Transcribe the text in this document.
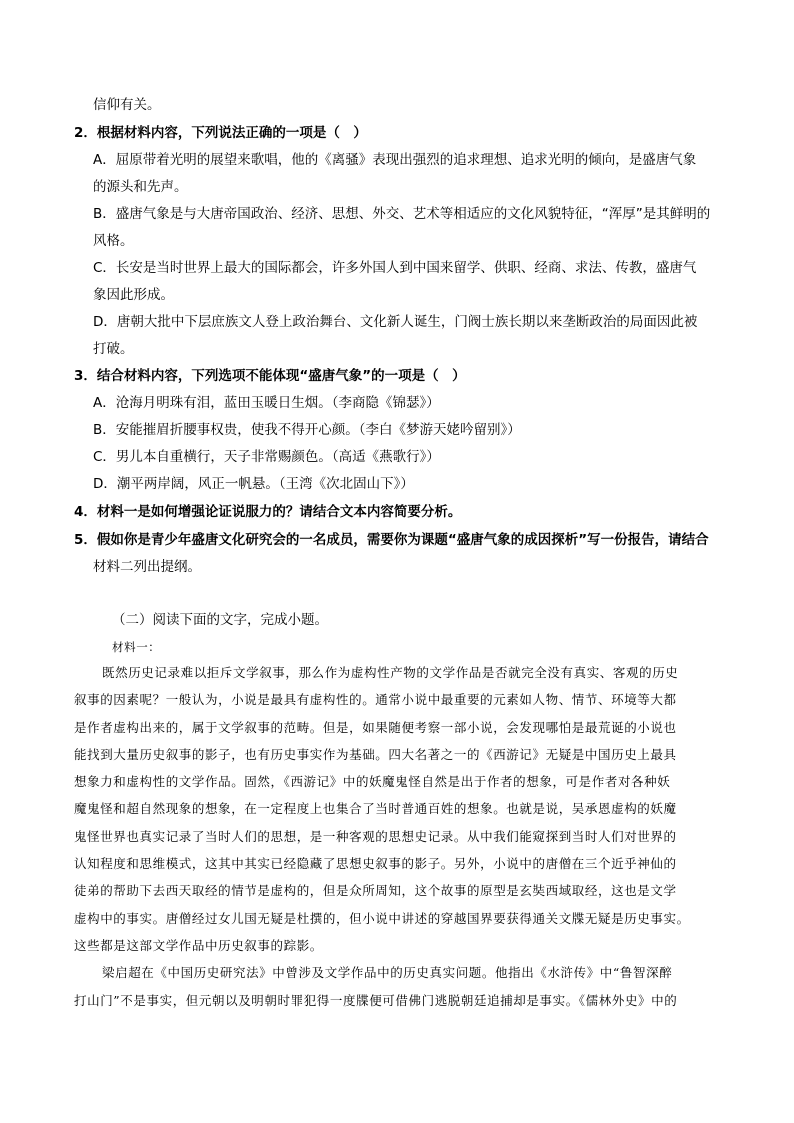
信仰有关。
2．根据材料内容，下列说法正确的一项是（　）
A．屈原带着光明的展望来歌唱，他的《离骚》表现出强烈的追求理想、追求光明的倾向，是盛唐气象
的源头和先声。
B．盛唐气象是与大唐帝国政治、经济、思想、外交、艺术等相适应的文化风貌特征，“浑厚”是其鲜明的
风格。
C．长安是当时世界上最大的国际都会，许多外国人到中国来留学、供职、经商、求法、传教，盛唐气
象因此形成。
D．唐朝大批中下层庶族文人登上政治舞台、文化新人诞生，门阀士族长期以来垄断政治的局面因此被
打破。
3．结合材料内容，下列选项不能体现“盛唐气象”的一项是（　）
A．沧海月明珠有泪，蓝田玉暖日生烟。（李商隐《锦瑟》）
B．安能摧眉折腰事权贵，使我不得开心颜。（李白《梦游天姥吟留别》）
C．男儿本自重横行，天子非常赐颜色。（高适《燕歌行》）
D．潮平两岸阔，风正一帆悬。（王湾《次北固山下》）
4．材料一是如何增强论证说服力的？请结合文本内容简要分析。
5．假如你是青少年盛唐文化研究会的一名成员，需要你为课题“盛唐气象的成因探析”写一份报告，请结合
材料二列出提纲。
（二）阅读下面的文字，完成小题。
材料一：
既然历史记录难以拒斥文学叙事，那么作为虚构性产物的文学作品是否就完全没有真实、客观的历史
叙事的因素呢？一般认为，小说是最具有虚构性的。通常小说中最重要的元素如人物、情节、环境等大都
是作者虚构出来的，属于文学叙事的范畴。但是，如果随便考察一部小说，会发现哪怕是最荒诞的小说也
能找到大量历史叙事的影子，也有历史事实作为基础。四大名著之一的《西游记》无疑是中国历史上最具
想象力和虚构性的文学作品。固然，《西游记》中的妖魔鬼怪自然是出于作者的想象，可是作者对各种妖
魔鬼怪和超自然现象的想象，在一定程度上也集合了当时普通百姓的想象。也就是说，吴承恩虚构的妖魔
鬼怪世界也真实记录了当时人们的思想，是一种客观的思想史记录。从中我们能窥探到当时人们对世界的
认知程度和思维模式，这其中其实已经隐藏了思想史叙事的影子。另外，小说中的唐僧在三个近乎神仙的
徒弟的帮助下去西天取经的情节是虚构的，但是众所周知，这个故事的原型是玄奘西域取经，这也是文学
虚构中的事实。唐僧经过女儿国无疑是杜撰的，但小说中讲述的穿越国界要获得通关文牒无疑是历史事实。
这些都是这部文学作品中历史叙事的踪影。
梁启超在《中国历史研究法》中曾涉及文学作品中的历史真实问题。他指出《水浒传》中“鲁智深醉
打山门”不是事实，但元朝以及明朝时罪犯得一度牒便可借佛门逃脱朝廷追捕却是事实。《儒林外史》中的
